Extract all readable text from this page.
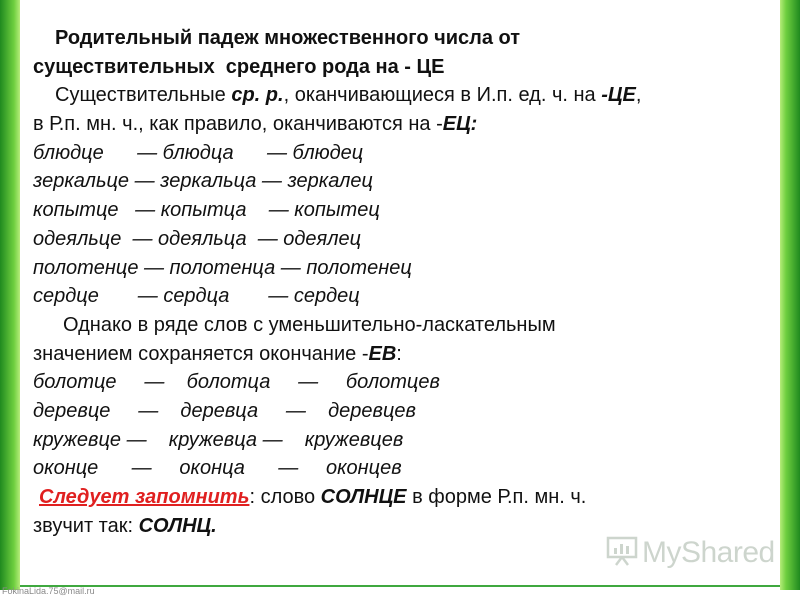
FokinaLida.75@mail.ru
Родительный падеж множественного числа от
существительных  среднего рода на - ЦЕ
Существительные ср. р., оканчивающиеся в И.п. ед. ч. на -ЦЕ,
в Р.п. мн. ч., как правило, оканчиваются на -ЕЦ:
блюдце      — блюдца      — блюдец
зеркальце — зеркальца — зеркалец
копытце   — копытца    — копытец
одеяльце  — одеяльца  — одеялец
полотенце — полотенца — полотенец
сердце       — сердца       — сердец
Однако в ряде слов с уменьшительно-ласкательным
значением сохраняется окончание -ЕВ:
болотце     —    болотца     —     болотцев
деревце     —    деревца     —    деревцев
кружевце —    кружевца —    кружевцев
оконце      —     оконца      —     оконцев
Следует запомнить: слово СОЛНЦЕ в форме Р.п. мн. ч.
звучит так: СОЛНЦ.
MyShared
